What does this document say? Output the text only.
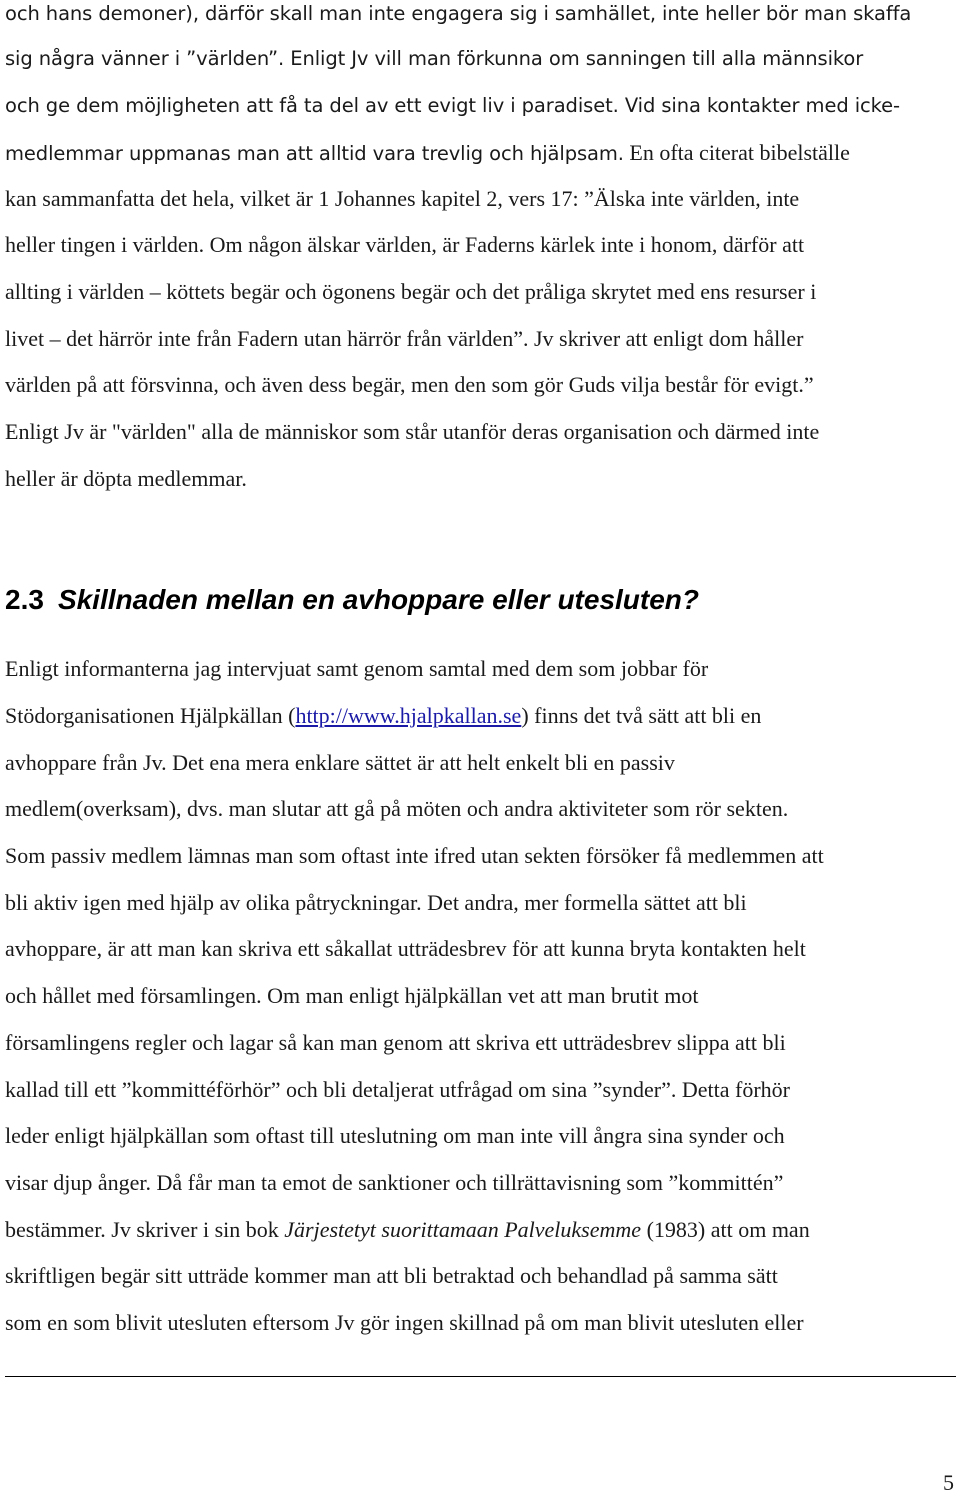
och hans demoner), därför skall man inte engagera sig i samhället, inte heller bör man skaffa
sig några vänner i ”världen”. Enligt Jv vill man förkunna om sanningen till alla männsikor
och ge dem möjligheten att få ta del av ett evigt liv i paradiset. Vid sina kontakter med icke-
medlemmar uppmanas man att alltid vara trevlig och hjälpsam. En ofta citerat bibelställe
kan sammanfatta det hela, vilket är 1 Johannes kapitel 2, vers 17: ”Älska inte världen, inte
heller tingen i världen. Om någon älskar världen, är Faderns kärlek inte i honom, därför att
allting i världen – köttets begär och ögonens begär och det pråliga skrytet med ens resurser i
livet – det härrör inte från Fadern utan härrör från världen”. Jv skriver att enligt dom håller
världen på att försvinna, och även dess begär, men den som gör Guds vilja består för evigt.”
Enligt Jv är "världen" alla de människor som står utanför deras organisation och därmed inte
heller är döpta medlemmar.
2.3 Skillnaden mellan en avhoppare eller utesluten?
Enligt informanterna jag intervjuat samt genom samtal med dem som jobbar för
Stödorganisationen Hjälpkällan (http://www.hjalpkallan.se) finns det två sätt att bli en
avhoppare från Jv. Det ena mera enklare sättet är att helt enkelt bli en passiv
medlem(overksam), dvs. man slutar att gå på möten och andra aktiviteter som rör sekten.
Som passiv medlem lämnas man som oftast inte ifred utan sekten försöker få medlemmen att
bli aktiv igen med hjälp av olika påtryckningar. Det andra, mer formella sättet att bli
avhoppare, är att man kan skriva ett såkallat utträdesbrev för att kunna bryta kontakten helt
och hållet med församlingen. Om man enligt hjälpkällan vet att man brutit mot
församlingens regler och lagar så kan man genom att skriva ett utträdesbrev slippa att bli
kallad till ett ”kommittéförhör” och bli detaljerat utfrågad om sina ”synder”. Detta förhör
leder enligt hjälpkällan som oftast till uteslutning om man inte vill ångra sina synder och
visar djup ånger. Då får man ta emot de sanktioner och tillrättavisning som ”kommittén”
bestämmer. Jv skriver i sin bok Järjestetyt suorittamaan Palveluksemme (1983) att om man
skriftligen begär sitt utträde kommer man att bli betraktad och behandlad på samma sätt
som en som blivit utesluten eftersom Jv gör ingen skillnad på om man blivit utesluten eller
5
